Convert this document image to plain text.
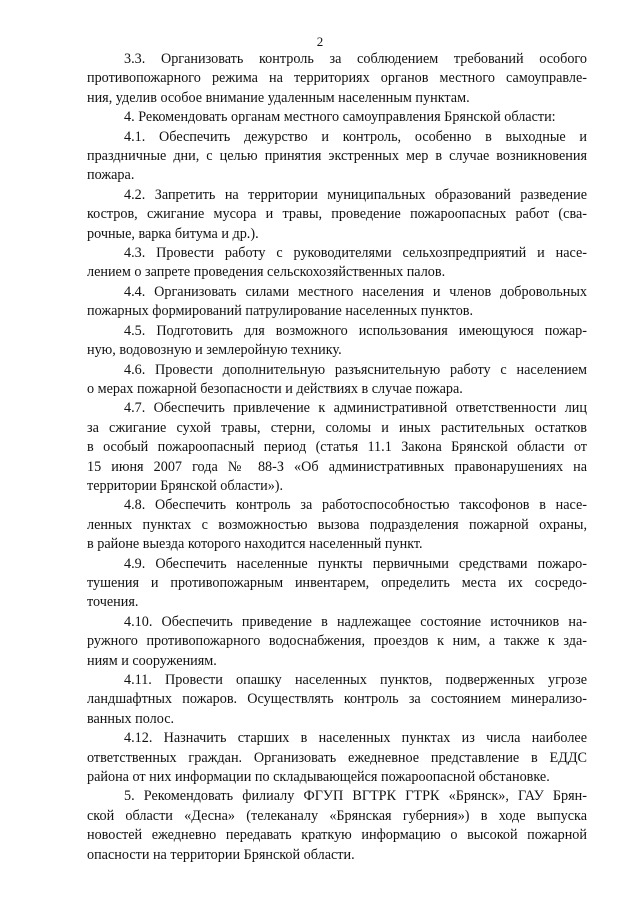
2
3.3. Организовать контроль за соблюдением требований особого
противопожарного режима на территориях органов местного самоуправле-
ния, уделив особое внимание удаленным населенным пунктам.
4. Рекомендовать органам местного самоуправления Брянской области:
4.1. Обеспечить дежурство и контроль, особенно в выходные и
праздничные дни, с целью принятия экстренных мер в случае возникновения
пожара.
4.2. Запретить на территории муниципальных образований разведение
костров, сжигание мусора и травы, проведение пожароопасных работ (сва-
рочные, варка битума и др.).
4.3. Провести работу с руководителями сельхозпредприятий и насе-
лением о запрете проведения сельскохозяйственных палов.
4.4. Организовать силами местного населения и членов добровольных
пожарных формирований патрулирование населенных пунктов.
4.5. Подготовить для возможного использования имеющуюся пожар-
ную, водовозную и землеройную технику.
4.6. Провести дополнительную разъяснительную работу с населением
о мерах пожарной безопасности и действиях в случае пожара.
4.7. Обеспечить привлечение к административной ответственности лиц
за сжигание сухой травы, стерни, соломы и иных растительных остатков
в особый пожароопасный период (статья 11.1 Закона Брянской области от
15 июня 2007 года № 88-З «Об административных правонарушениях на
территории Брянской области»).
4.8. Обеспечить контроль за работоспособностью таксофонов в насе-
ленных пунктах с возможностью вызова подразделения пожарной охраны,
в районе выезда которого находится населенный пункт.
4.9. Обеспечить населенные пункты первичными средствами пожаро-
тушения и противопожарным инвентарем, определить места их сосредо-
точения.
4.10. Обеспечить приведение в надлежащее состояние источников на-
ружного противопожарного водоснабжения, проездов к ним, а также к зда-
ниям и сооружениям.
4.11. Провести опашку населенных пунктов, подверженных угрозе
ландшафтных пожаров. Осуществлять контроль за состоянием минерализо-
ванных полос.
4.12. Назначить старших в населенных пунктах из числа наиболее
ответственных граждан. Организовать ежедневное представление в ЕДДС
района от них информации по складывающейся пожароопасной обстановке.
5. Рекомендовать филиалу ФГУП ВГТРК ГТРК «Брянск», ГАУ Брян-
ской области «Десна» (телеканалу «Брянская губерния») в ходе выпуска
новостей ежедневно передавать краткую информацию о высокой пожарной
опасности на территории Брянской области.
